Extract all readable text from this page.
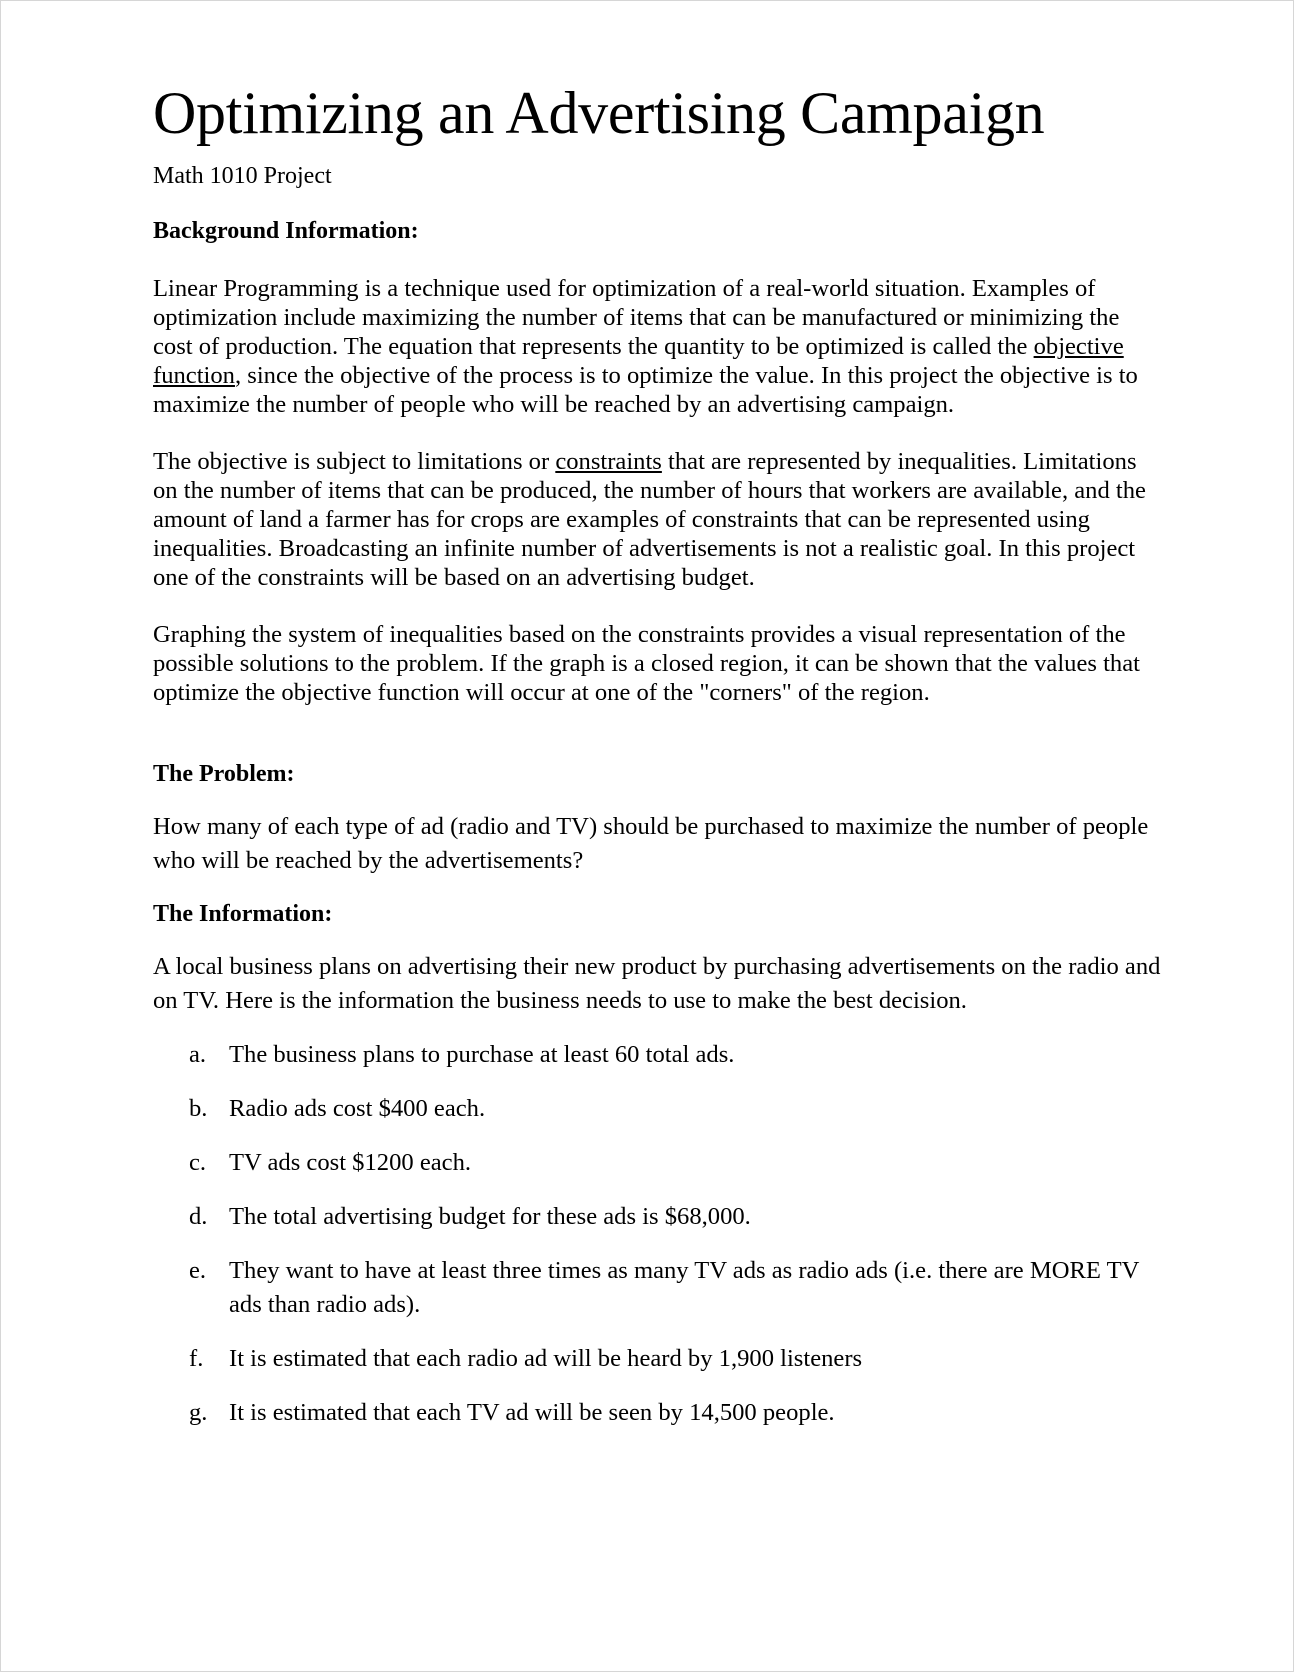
Optimizing an Advertising Campaign
Math 1010 Project
Background Information:

Linear Programming is a technique used for optimization of a real-world situation. Examples of optimization include maximizing the number of items that can be manufactured or minimizing the cost of production. The equation that represents the quantity to be optimized is called the objective function, since the objective of the process is to optimize the value. In this project the objective is to maximize the number of people who will be reached by an advertising campaign.

The objective is subject to limitations or constraints that are represented by inequalities. Limitations on the number of items that can be produced, the number of hours that workers are available, and the amount of land a farmer has for crops are examples of constraints that can be represented using inequalities. Broadcasting an infinite number of advertisements is not a realistic goal. In this project one of the constraints will be based on an advertising budget.

Graphing the system of inequalities based on the constraints provides a visual representation of the possible solutions to the problem. If the graph is a closed region, it can be shown that the values that optimize the objective function will occur at one of the "corners" of the region.

The Problem:

How many of each type of ad (radio and TV) should be purchased to maximize the number of people who will be reached by the advertisements?

The Information:

A local business plans on advertising their new product by purchasing advertisements on the radio and on TV. Here is the information the business needs to use to make the best decision.

a. The business plans to purchase at least 60 total ads.
b. Radio ads cost $400 each.
c. TV ads cost $1200 each.
d. The total advertising budget for these ads is $68,000.
e. They want to have at least three times as many TV ads as radio ads (i.e. there are MORE TV ads than radio ads).
f. It is estimated that each radio ad will be heard by 1,900 listeners
g. It is estimated that each TV ad will be seen by 14,500 people.
